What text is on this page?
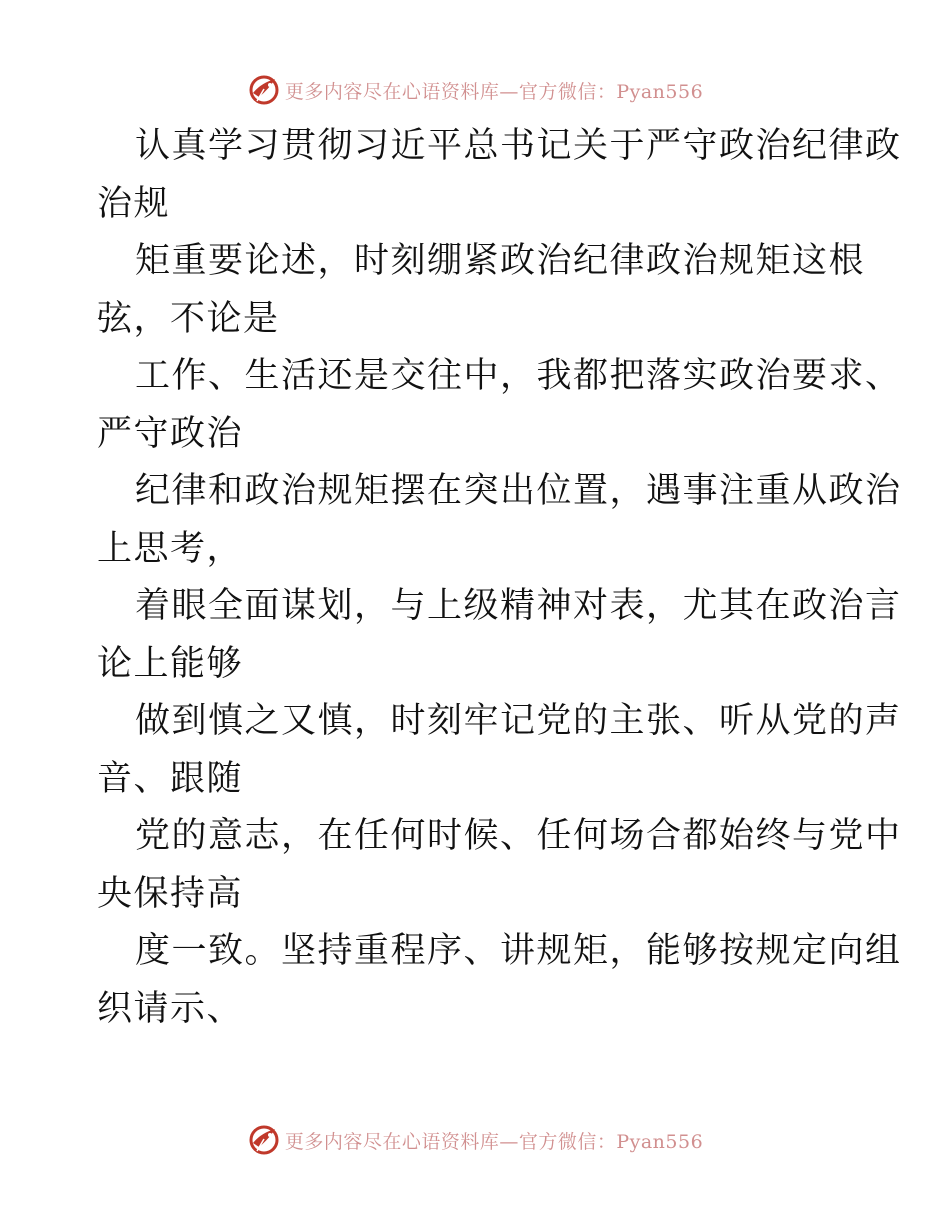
更多内容尽在心语资料库—官方微信：Pyan556
认真学习贯彻习近平总书记关于严守政治纪律政
治规
矩重要论述，时刻绷紧政治纪律政治规矩这根
弦，不论是
工作、生活还是交往中，我都把落实政治要求、
严守政治
纪律和政治规矩摆在突出位置，遇事注重从政治
上思考，
着眼全面谋划，与上级精神对表，尤其在政治言
论上能够
做到慎之又慎，时刻牢记党的主张、听从党的声
音、跟随
党的意志，在任何时候、任何场合都始终与党中
央保持高
度一致。坚持重程序、讲规矩，能够按规定向组
织请示、
更多内容尽在心语资料库—官方微信：Pyan556
